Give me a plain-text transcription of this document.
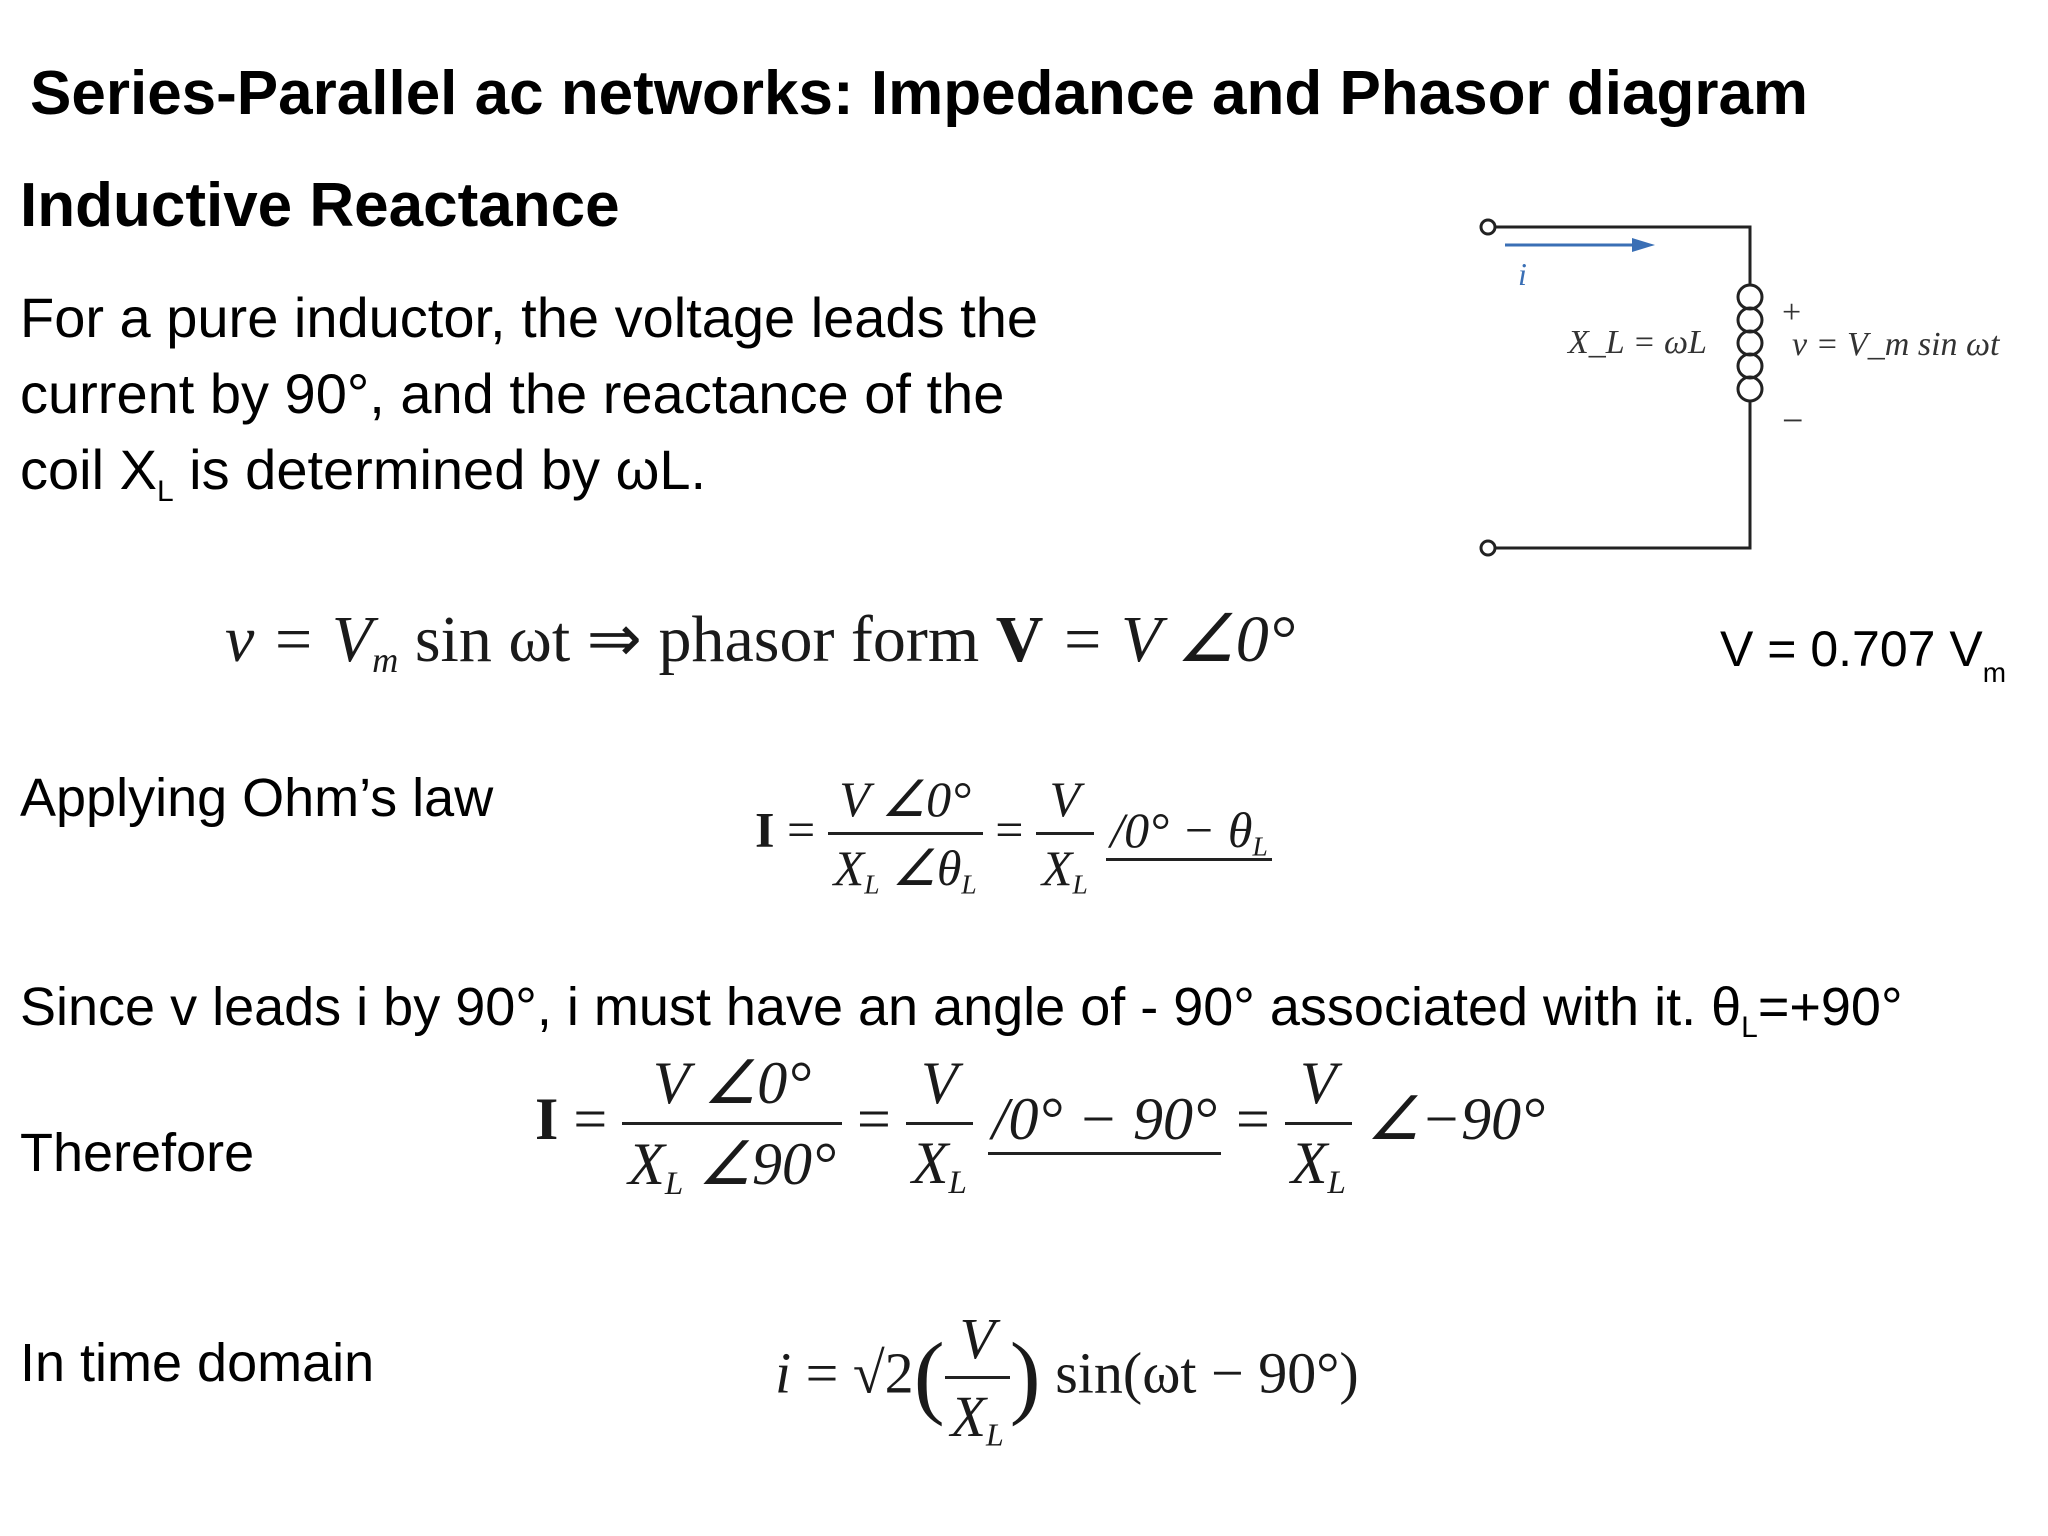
Series-Parallel ac networks: Impedance and Phasor diagram
Inductive Reactance
For a pure inductor, the voltage leads the
current by 90°, and the reactance of the
coil $X_L$ is determined by ωL.
i
X_L = ωL
+
v = V_m sin ωt
−
v = Vm sin ωt ⇒ phasor form V = V ∠0°	V = 0.707 $V_m$
Applying Ohm’s law
$I = \frac{V \angle 0^\circ}{XL \angle\theta L} = \frac{V}{XL} /0^\circ - \theta L$
Since v leads i by 90°, i must have an angle of - 90° associated with it. $\theta_L=+90^\circ$
Therefore
$I = \frac{V \angle 0^\circ}{XL \angle 90^\circ} = \frac{V}{XL} /0^\circ - 90^\circ = \frac{V}{XL}$ ∠−90°
In time domain	$i = √2( \frac{V}{XL}$ ) sin(ωt − 90°)
